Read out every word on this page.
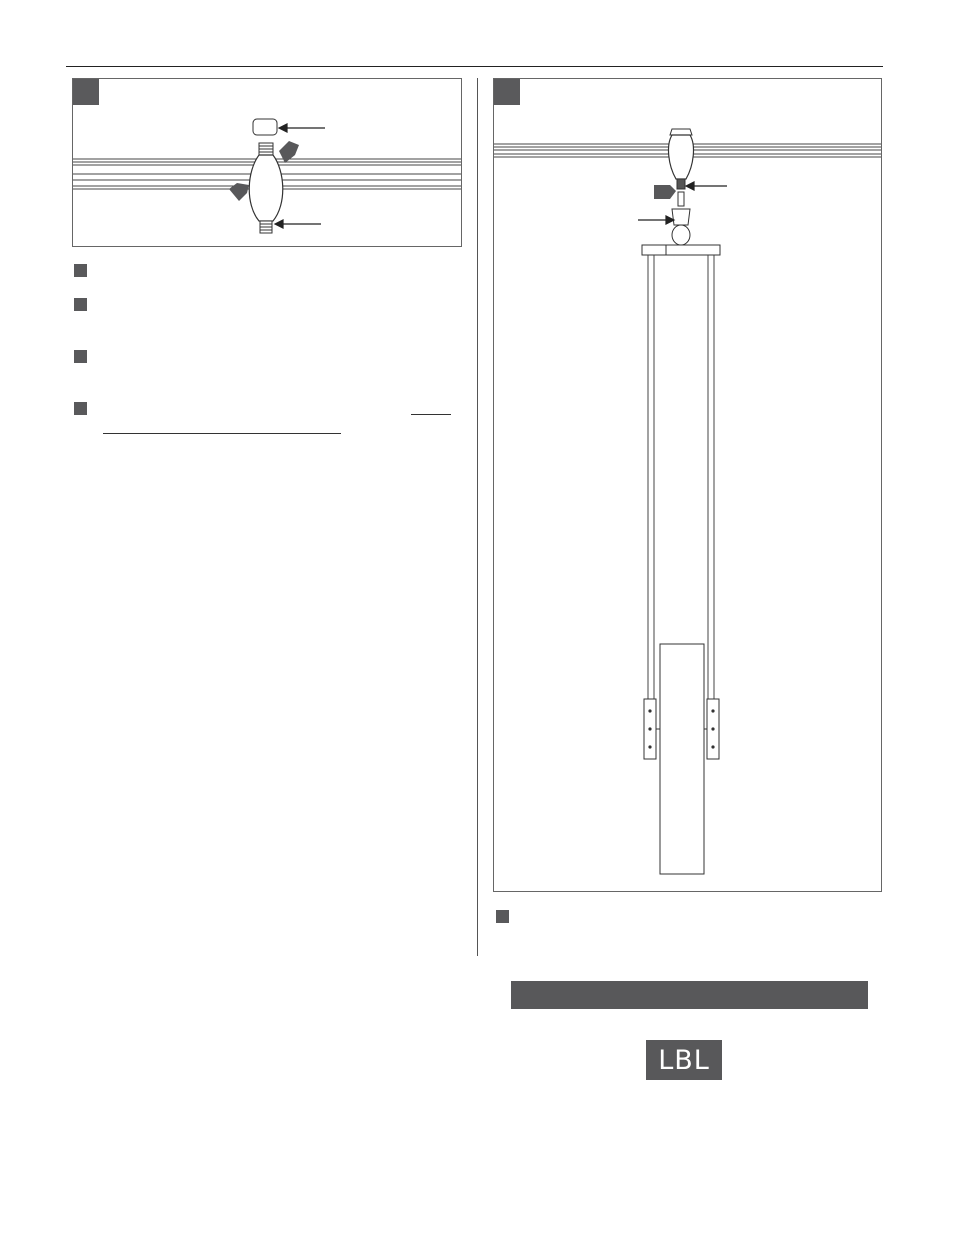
LBL
